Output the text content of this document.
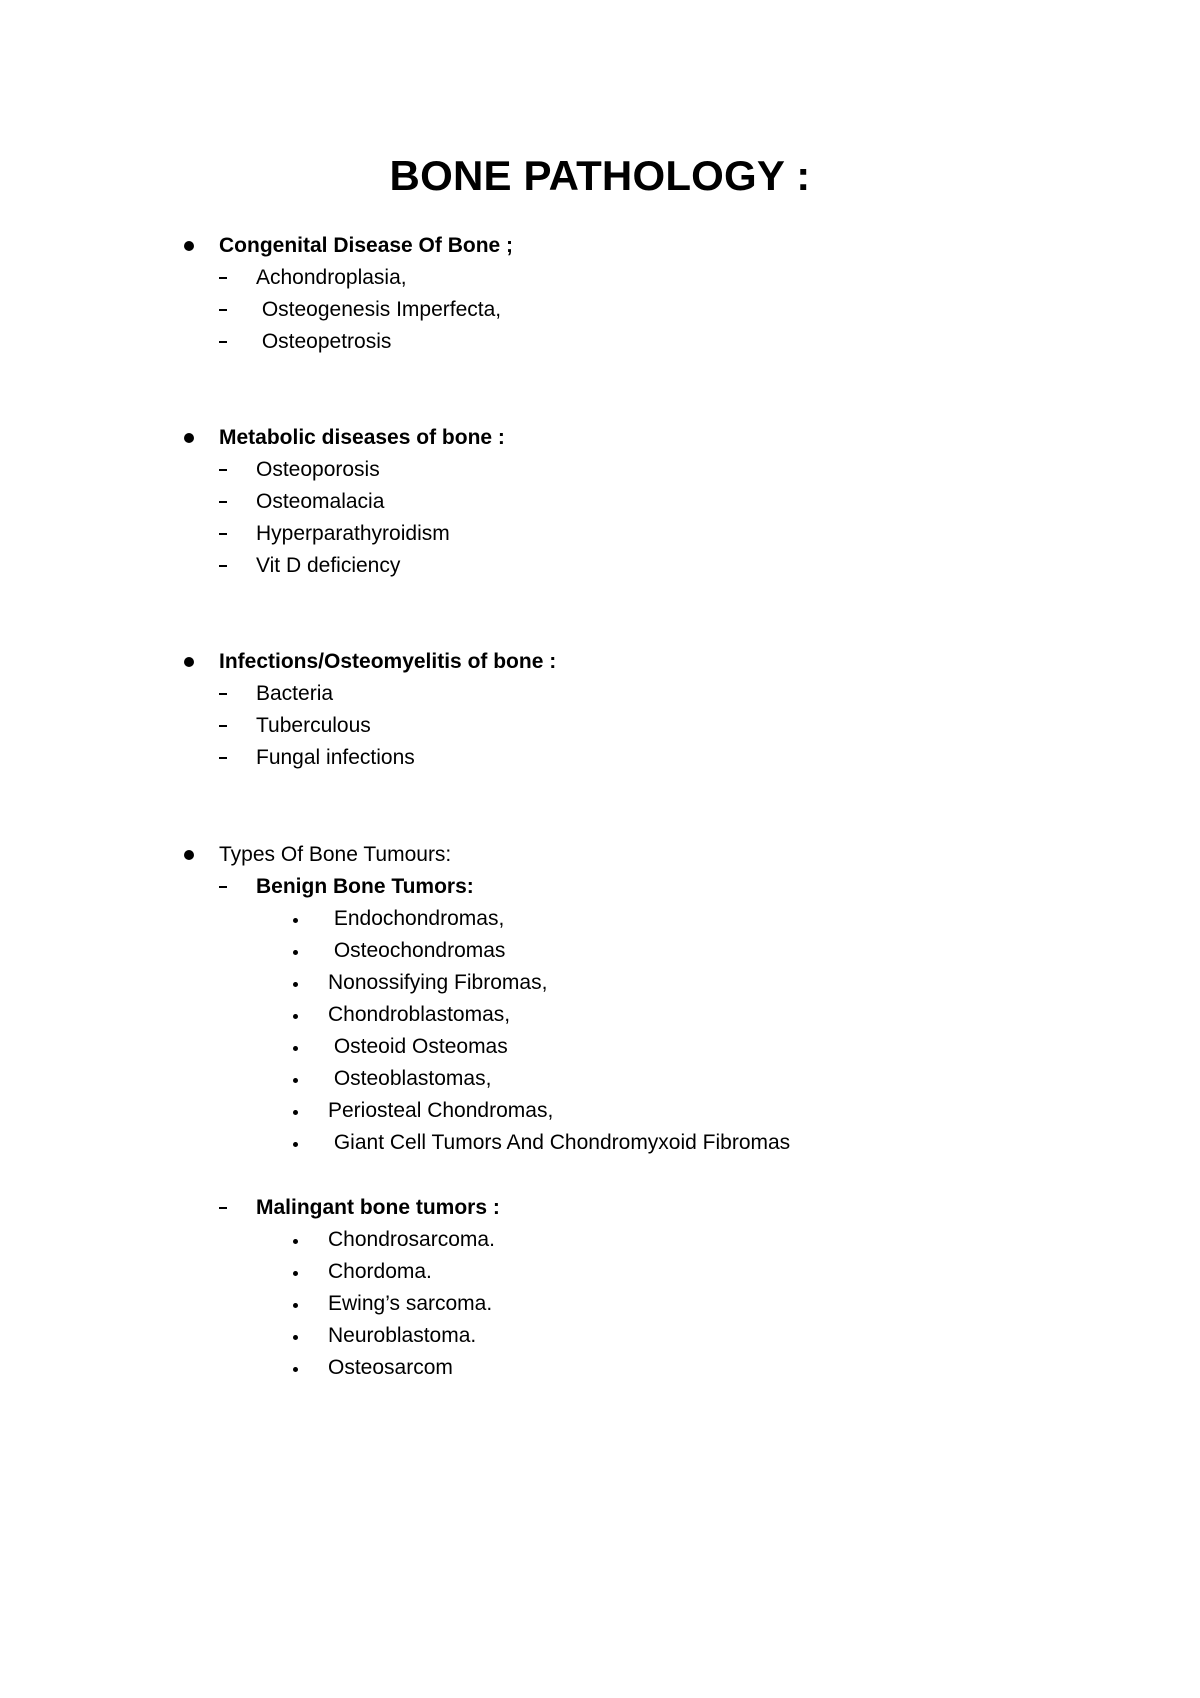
BONE PATHOLOGY :
Congenital Disease Of Bone ;
Achondroplasia,
Osteogenesis Imperfecta,
Osteopetrosis
Metabolic diseases of bone :
Osteoporosis
Osteomalacia
Hyperparathyroidism
Vit D deficiency
Infections/Osteomyelitis of bone :
Bacteria
Tuberculous
Fungal infections
Types Of Bone Tumours:
Benign Bone Tumors:
Endochondromas,
Osteochondromas
Nonossifying Fibromas,
Chondroblastomas,
Osteoid Osteomas
Osteoblastomas,
Periosteal Chondromas,
Giant Cell Tumors And Chondromyxoid Fibromas
Malingant bone tumors :
Chondrosarcoma.
Chordoma.
Ewing’s sarcoma.
Neuroblastoma.
Osteosarcom
